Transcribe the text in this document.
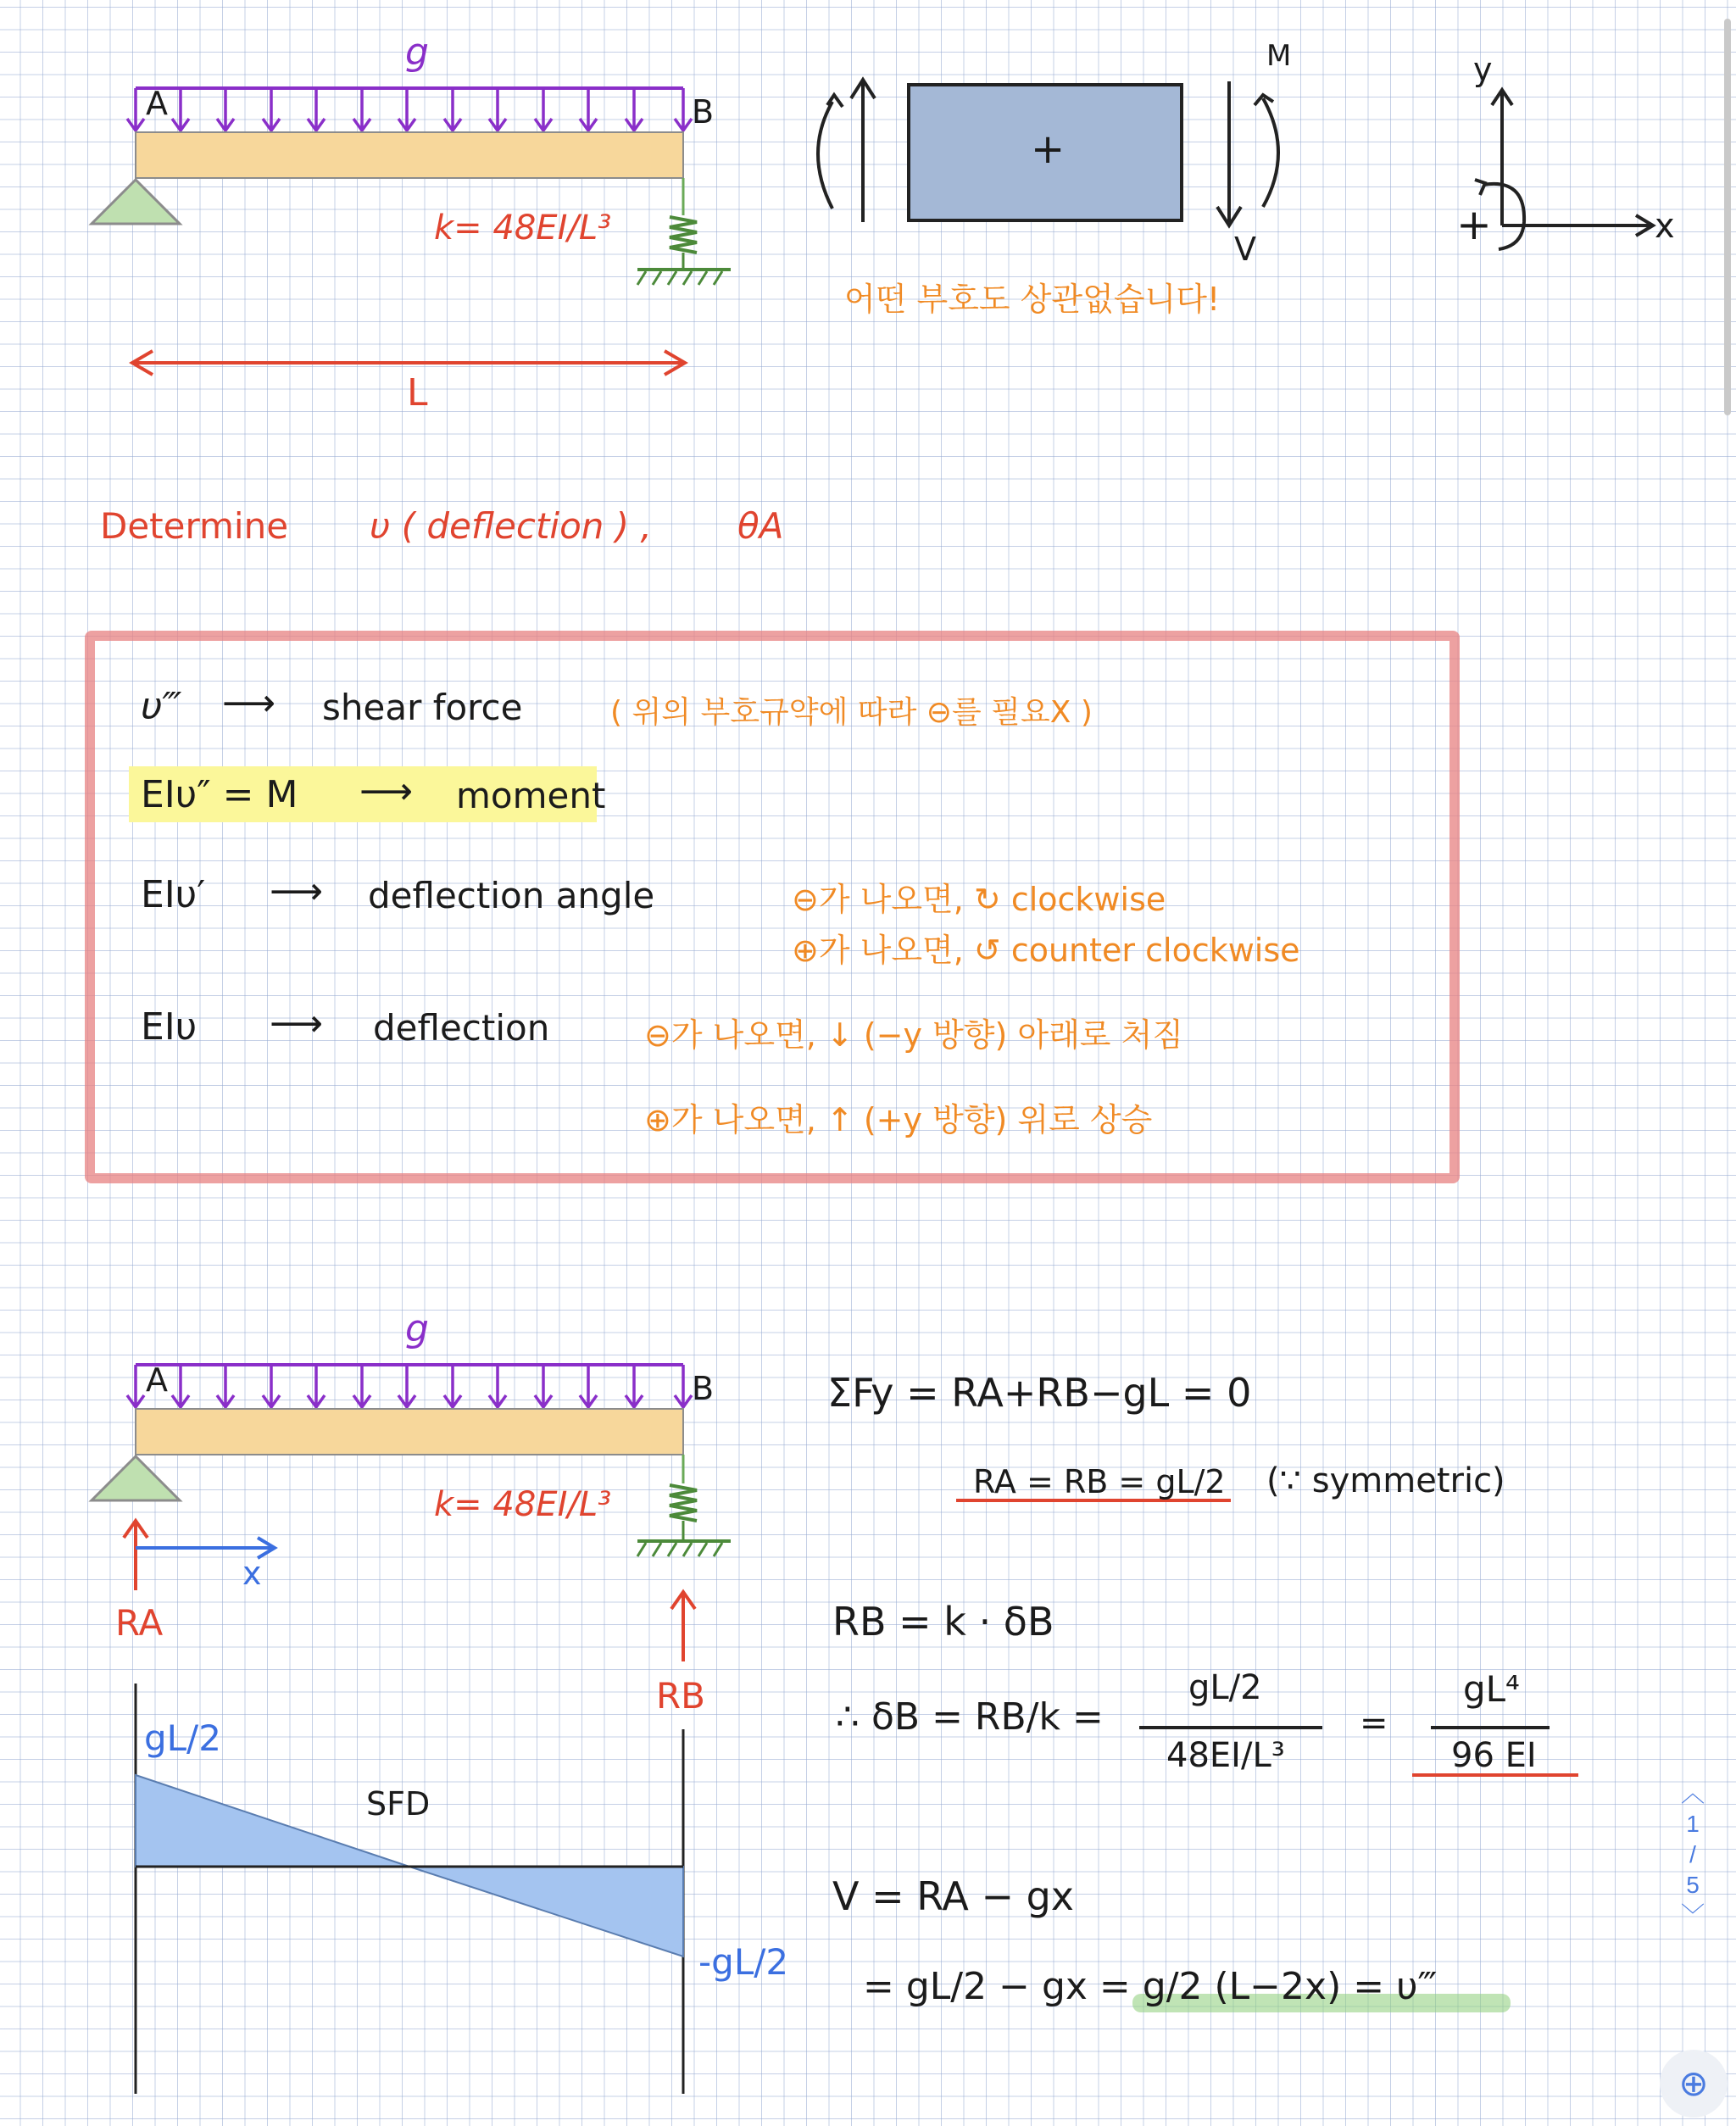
g
A	B
k= 48EI/L³
L
+
M
V
어떤 부호도 상관없습니다!
y
x
+
Determine υ ( deflection ) , θA
υ‴ ⟶ shear force	( 위의 부호규약에 따라 ⊖를 필요X )
EIυ″ = M ⟶ moment
EIυ′ ⟶ deflection angle	⊖가 나오면, ↻ clockwise
⊕가 나오면, ↺ counter clockwise
EIυ ⟶ deflection	⊖가 나오면, ↓ (−y 방향) 아래로 처짐
⊕가 나오면, ↑ (+y 방향) 위로 상승
g
A	B
k= 48EI/L³
x
RA
RB
gL/2
SFD
-gL/2
ΣFy = RA+RB−gL = 0
RA = RB = gL/2 (∵ symmetric)
RB = k · δB
∴ δB = RB/k =
gL/2
48EI/L³
=
gL⁴
96 EI
V = RA − gx
= gL/2 − gx = g/2 (L−2x) = υ‴
︿
1
/
5
﹀
⊕
